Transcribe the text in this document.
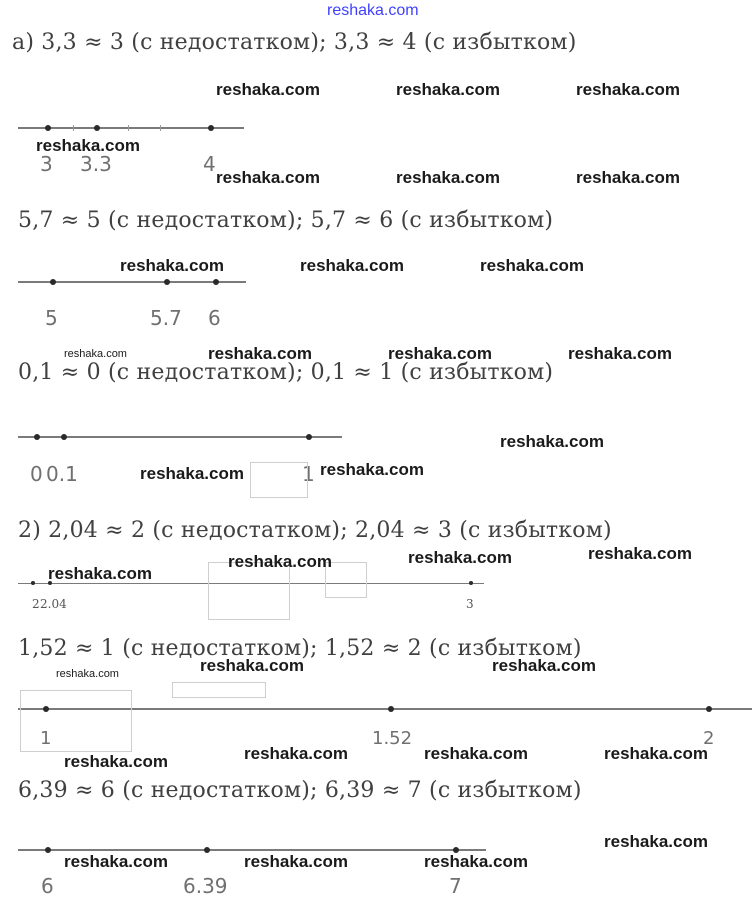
reshaka.com
а) 3,3 ≈ 3 (с недостатком); 3,3 ≈ 4 (с избытком)
3 3.3	4
5,7 ≈ 5 (с недостатком); 5,7 ≈ 6 (с избытком)
5	5.7 6
0,1 ≈ 0 (с недостатком); 0,1 ≈ 1 (с избытком)
0 0.1	1
2) 2,04 ≈ 2 (с недостатком); 2,04 ≈ 3 (с избытком)
2 2.04	3
1,52 ≈ 1 (с недостатком); 1,52 ≈ 2 (с избытком)
1	1.52	2
6,39 ≈ 6 (с недостатком); 6,39 ≈ 7 (с избытком)
6	6.39	7
reshaka.com	reshaka.com	reshaka.com
reshaka.com
reshaka.com	reshaka.com	reshaka.com
reshaka.com	reshaka.com	reshaka.com
reshaka.com	reshaka.com	reshaka.com	reshaka.com
reshaka.com
reshaka.com	reshaka.com
reshaka.com	reshaka.com	reshaka.com
reshaka.com
reshaka.com	reshaka.com
reshaka.com
reshaka.com	reshaka.com	reshaka.com
reshaka.com
reshaka.com
reshaka.com	reshaka.com	reshaka.com
